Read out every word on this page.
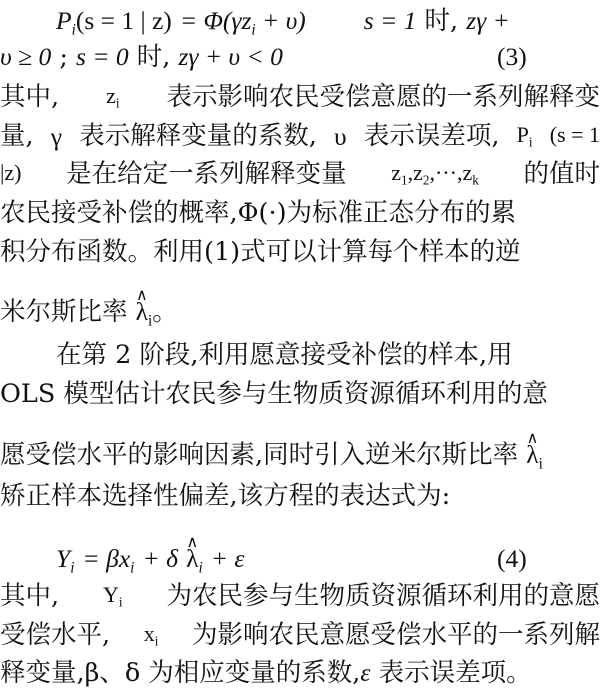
$P_i(s = 1$ | $z) = \Phi(\gamma z_i + \upsilon) s = 1$ 时, zγ +
υ ≥ 0 ; s = 0 时, zγ + υ < 0	(3)
其中, $z_i$ 表示影响农民受偿意愿的一系列解释变
量, γ 表示解释变量的系数, υ 表示误差项, $P_i$ (s = 1
|z) 是在给定一系列解释变量 $z_1,z_2,\cdot\cdot\cdot,z_k$ 的值时
农民接受补偿的概率,Φ(·)为标准正态分布的累
积分布函数。利用(1)式可以计算每个样本的逆
米尔斯比率 ∧ $\lambda_i$。
在第 2 阶段,利用愿意接受补偿的样本,用
OLS 模型估计农民参与生物质资源循环利用的意
愿受偿水平的影响因素,同时引入逆米尔斯比率 ∧ $\lambda_i$
矫正样本选择性偏差,该方程的表达式为:
$Y_i = \beta x_i + \delta$ ∧ $\lambda_i + \varepsilon$	(4)
其中, $Y_i$ 为农民参与生物质资源循环利用的意愿
受偿水平, $x_i$ 为影响农民意愿受偿水平的一系列解
释变量,β、δ 为相应变量的系数,ε 表示误差项。
